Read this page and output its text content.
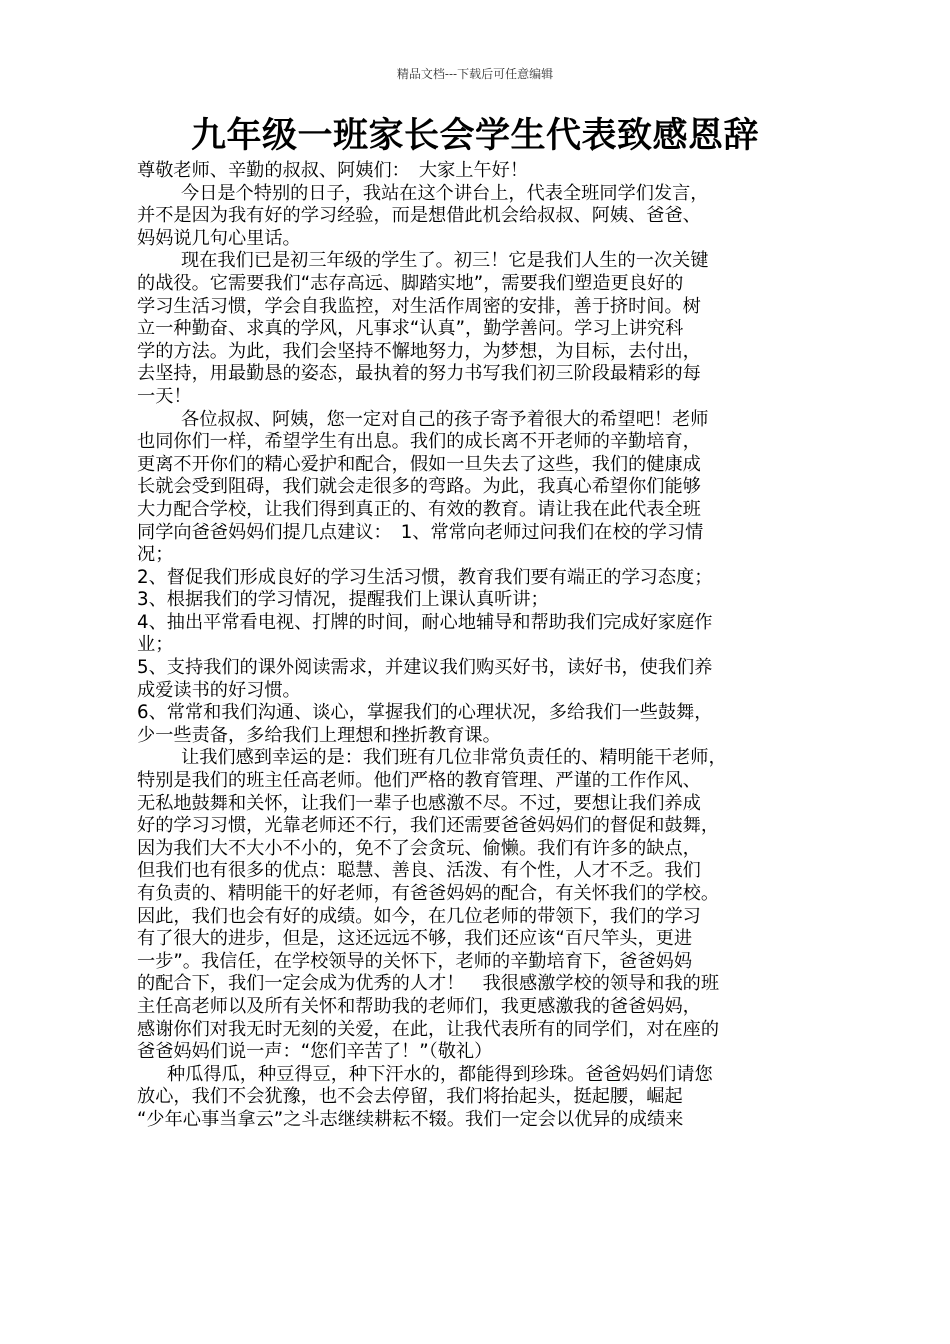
精品文档---下载后可任意编辑
九年级一班家长会学生代表致感恩辞
尊敬老师、辛勤的叔叔、阿姨们：　大家上午好！
今日是个特别的日子，我站在这个讲台上，代表全班同学们发言，
并不是因为我有好的学习经验，而是想借此机会给叔叔、阿姨、爸爸、
妈妈说几句心里话。
现在我们已是初三年级的学生了。初三！它是我们人生的一次关键
的战役。它需要我们“志存高远、脚踏实地”，需要我们塑造更良好的
学习生活习惯，学会自我监控，对生活作周密的安排，善于挤时间。树
立一种勤奋、求真的学风，凡事求“认真”，勤学善问。学习上讲究科
学的方法。为此，我们会坚持不懈地努力，为梦想，为目标，去付出，
去坚持，用最勤恳的姿态，最执着的努力书写我们初三阶段最精彩的每
一天！
各位叔叔、阿姨，您一定对自己的孩子寄予着很大的希望吧！老师
也同你们一样，希望学生有出息。我们的成长离不开老师的辛勤培育，
更离不开你们的精心爱护和配合，假如一旦失去了这些，我们的健康成
长就会受到阻碍，我们就会走很多的弯路。为此，我真心希望你们能够
大力配合学校，让我们得到真正的、有效的教育。请让我在此代表全班
同学向爸爸妈妈们提几点建议：　1、常常向老师过问我们在校的学习情
况；
2、督促我们形成良好的学习生活习惯，教育我们要有端正的学习态度；
3、根据我们的学习情况，提醒我们上课认真听讲；
4、抽出平常看电视、打牌的时间，耐心地辅导和帮助我们完成好家庭作
业；
5、支持我们的课外阅读需求，并建议我们购买好书，读好书，使我们养
成爱读书的好习惯。
6、常常和我们沟通、谈心，掌握我们的心理状况，多给我们一些鼓舞，
少一些责备，多给我们上理想和挫折教育课。
让我们感到幸运的是：我们班有几位非常负责任的、精明能干老师，
特别是我们的班主任高老师。他们严格的教育管理、严谨的工作作风、
无私地鼓舞和关怀，让我们一辈子也感激不尽。不过，要想让我们养成
好的学习习惯，光靠老师还不行，我们还需要爸爸妈妈们的督促和鼓舞，
因为我们大不大小不小的，免不了会贪玩、偷懒。我们有许多的缺点，
但我们也有很多的优点：聪慧、善良、活泼、有个性，人才不乏。我们
有负责的、精明能干的好老师，有爸爸妈妈的配合，有关怀我们的学校。
因此，我们也会有好的成绩。如今，在几位老师的带领下，我们的学习
有了很大的进步，但是，这还远远不够，我们还应该“百尺竿头，更进
一步”。我信任，在学校领导的关怀下，老师的辛勤培育下，爸爸妈妈
的配合下，我们一定会成为优秀的人才！　我很感激学校的领导和我的班
主任高老师以及所有关怀和帮助我的老师们，我更感激我的爸爸妈妈，
感谢你们对我无时无刻的关爱，在此，让我代表所有的同学们，对在座的
爸爸妈妈们说一声：“您们辛苦了！”（敬礼）
种瓜得瓜，种豆得豆，种下汗水的，都能得到珍珠。爸爸妈妈们请您
放心，我们不会犹豫，也不会去停留，我们将抬起头，挺起腰，崛起
“少年心事当拿云”之斗志继续耕耘不辍。我们一定会以优异的成绩来
